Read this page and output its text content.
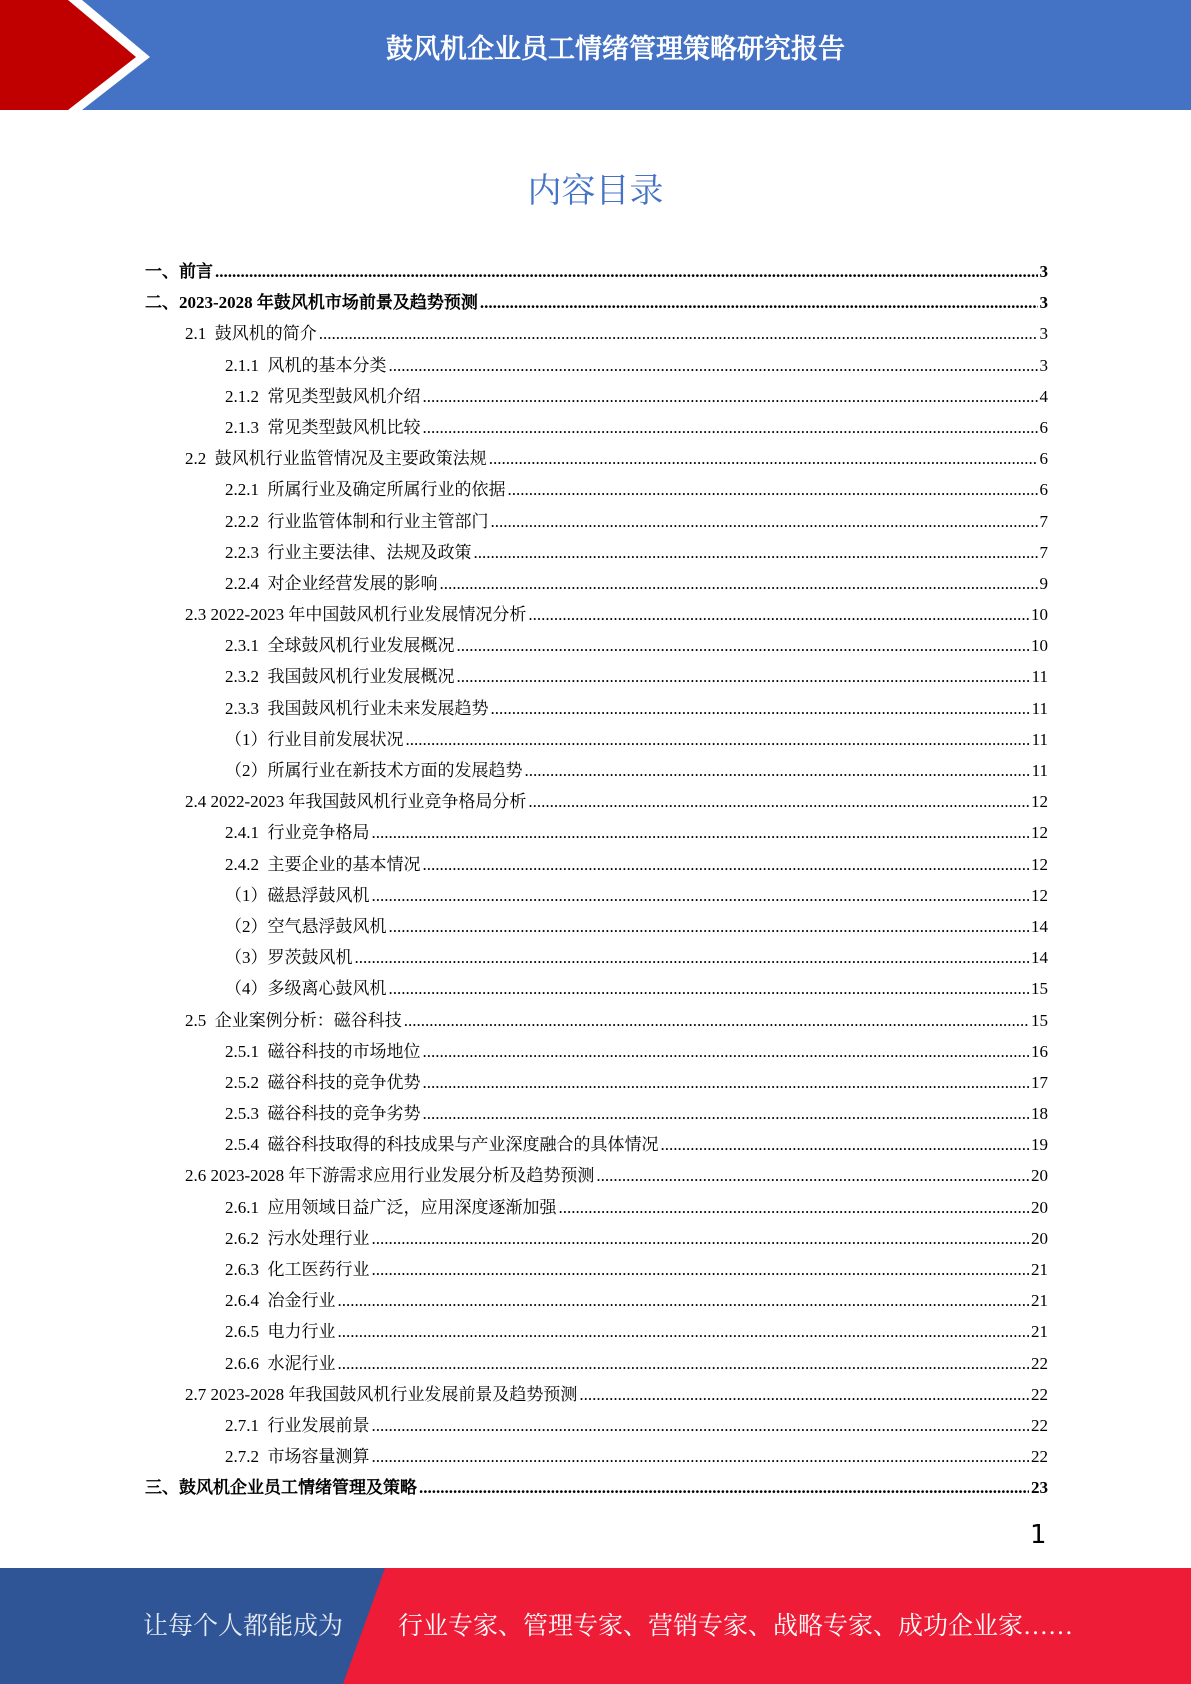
鼓风机企业员工情绪管理策略研究报告
内容目录
一、前言 .....	3
二、2023-2028 年鼓风机市场前景及趋势预测 .....	3
2.1  鼓风机的简介 .....	3
2.1.1  风机的基本分类 .....	3
2.1.2  常见类型鼓风机介绍 .....	4
2.1.3  常见类型鼓风机比较 .....	6
2.2  鼓风机行业监管情况及主要政策法规 .....	6
2.2.1  所属行业及确定所属行业的依据 .....	6
2.2.2  行业监管体制和行业主管部门 .....	7
2.2.3  行业主要法律、法规及政策 .....	7
2.2.4  对企业经营发展的影响 .....	9
2.3 2022-2023 年中国鼓风机行业发展情况分析 .....	10
2.3.1  全球鼓风机行业发展概况 .....	10
2.3.2  我国鼓风机行业发展概况 .....	11
2.3.3  我国鼓风机行业未来发展趋势 .....	11
（1）行业目前发展状况 .....	11
（2）所属行业在新技术方面的发展趋势 .....	11
2.4 2022-2023 年我国鼓风机行业竞争格局分析 .....	12
2.4.1  行业竞争格局 .....	12
2.4.2  主要企业的基本情况 .....	12
（1）磁悬浮鼓风机 .....	12
（2）空气悬浮鼓风机 .....	14
（3）罗茨鼓风机 .....	14
（4）多级离心鼓风机 .....	15
2.5  企业案例分析：磁谷科技 .....	15
2.5.1  磁谷科技的市场地位 .....	16
2.5.2  磁谷科技的竞争优势 .....	17
2.5.3  磁谷科技的竞争劣势 .....	18
2.5.4  磁谷科技取得的科技成果与产业深度融合的具体情况 .....	19
2.6 2023-2028 年下游需求应用行业发展分析及趋势预测 .....	20
2.6.1  应用领域日益广泛，应用深度逐渐加强 .....	20
2.6.2  污水处理行业 .....	20
2.6.3  化工医药行业 .....	21
2.6.4  冶金行业 .....	21
2.6.5  电力行业 .....	21
2.6.6  水泥行业 .....	22
2.7 2023-2028 年我国鼓风机行业发展前景及趋势预测 .....	22
2.7.1  行业发展前景 .....	22
2.7.2  市场容量测算 .....	22
三、鼓风机企业员工情绪管理及策略 .....	23
1
让每个人都能成为 行业专家、管理专家、营销专家、战略专家、成功企业家……
